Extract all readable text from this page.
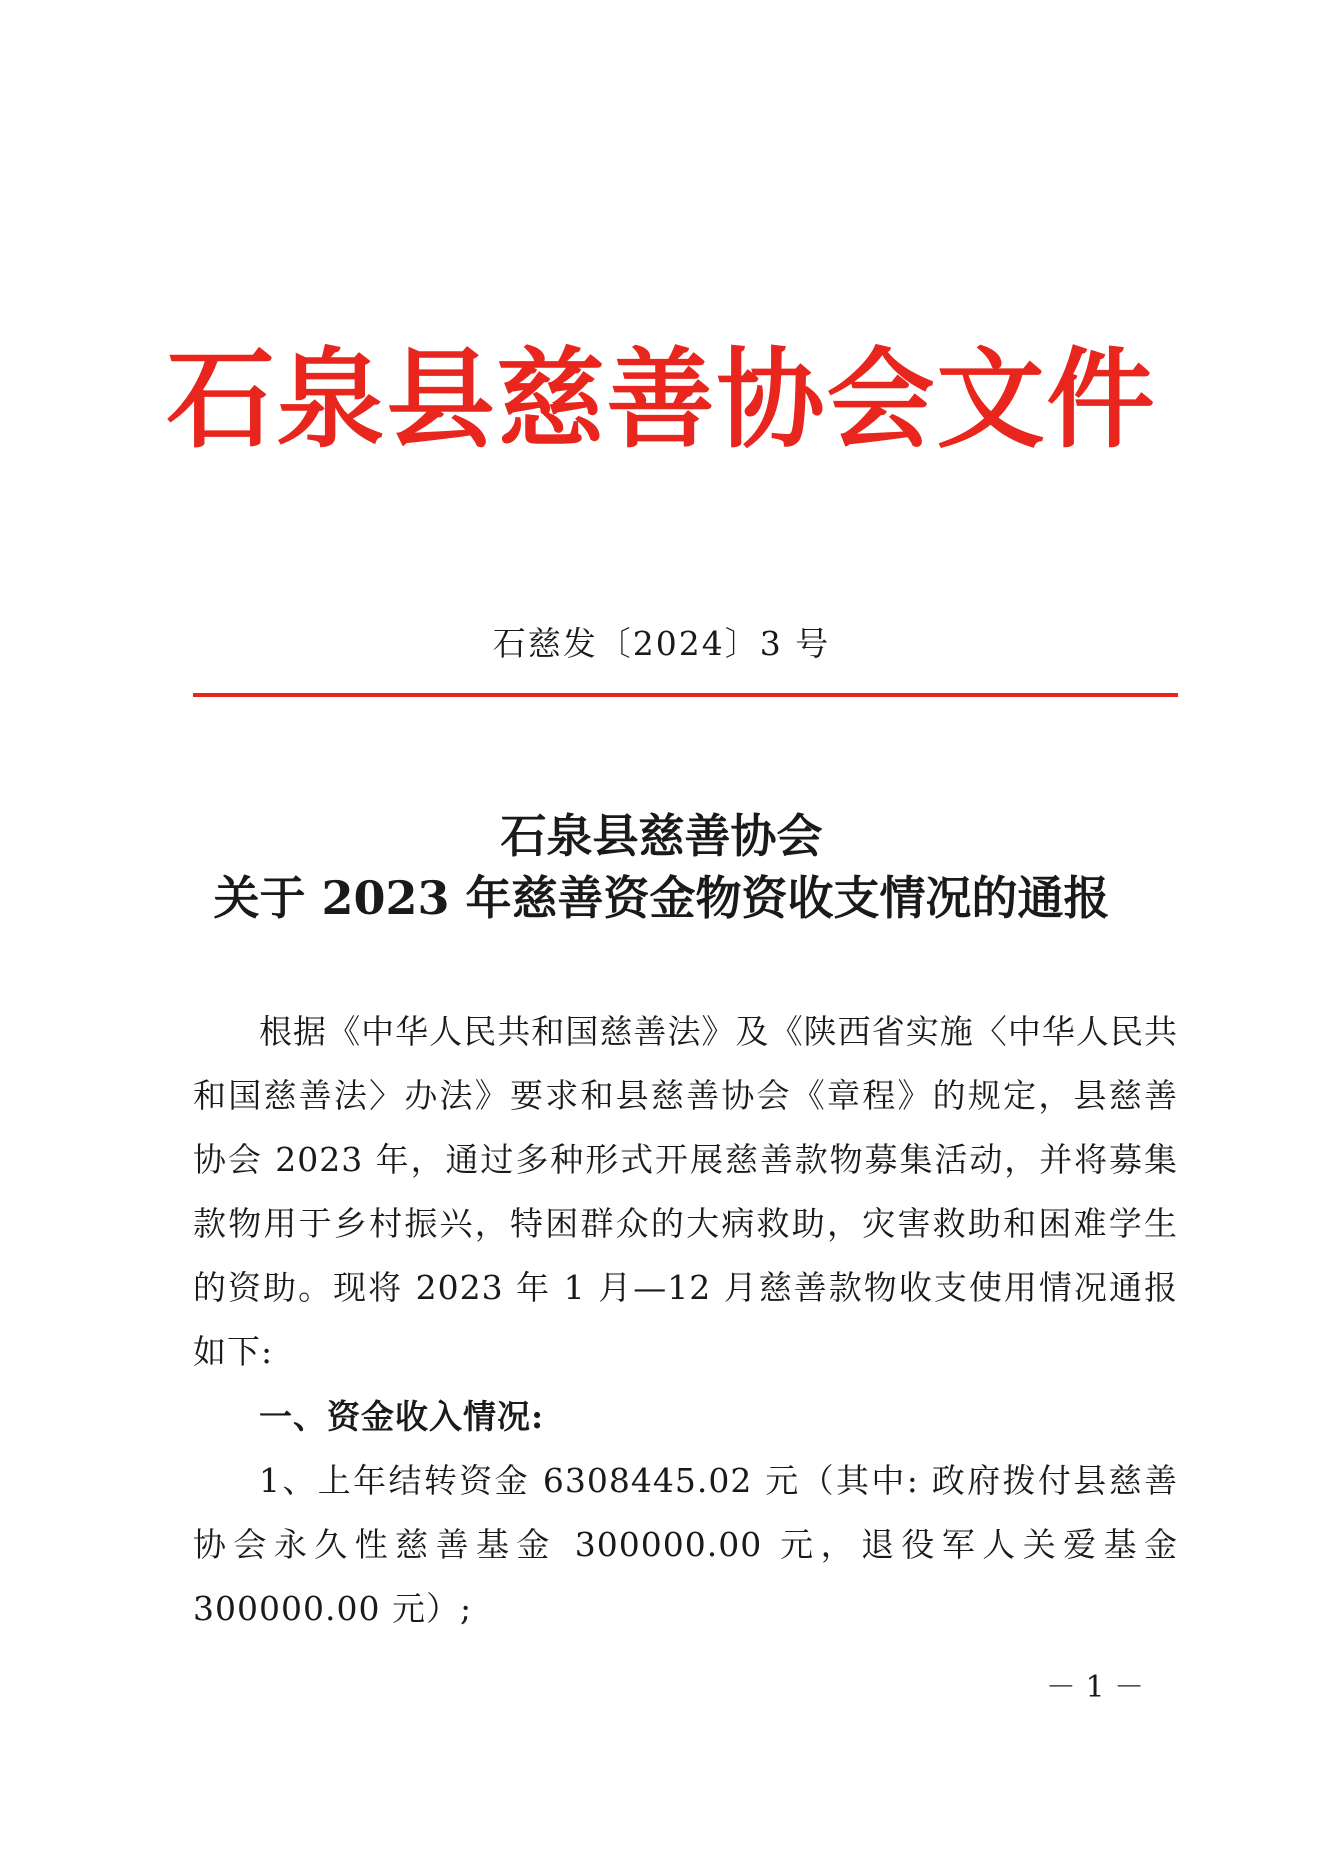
石泉县慈善协会文件
石慈发〔2024〕3 号
石泉县慈善协会
关于 2023 年慈善资金物资收支情况的通报
根据《中华人民共和国慈善法》及《陕西省实施〈中华人民共和国慈善法〉办法》要求和县慈善协会《章程》的规定，县慈善协会 2023 年，通过多种形式开展慈善款物募集活动，并将募集款物用于乡村振兴，特困群众的大病救助，灾害救助和困难学生的资助。现将 2023 年 1 月—12 月慈善款物收支使用情况通报如下:
一、资金收入情况:
1、上年结转资金 6308445.02 元（其中: 政府拨付县慈善协会永久性慈善基金 300000.00 元，退役军人关爱基金 300000.00 元）;
－ 1 －
